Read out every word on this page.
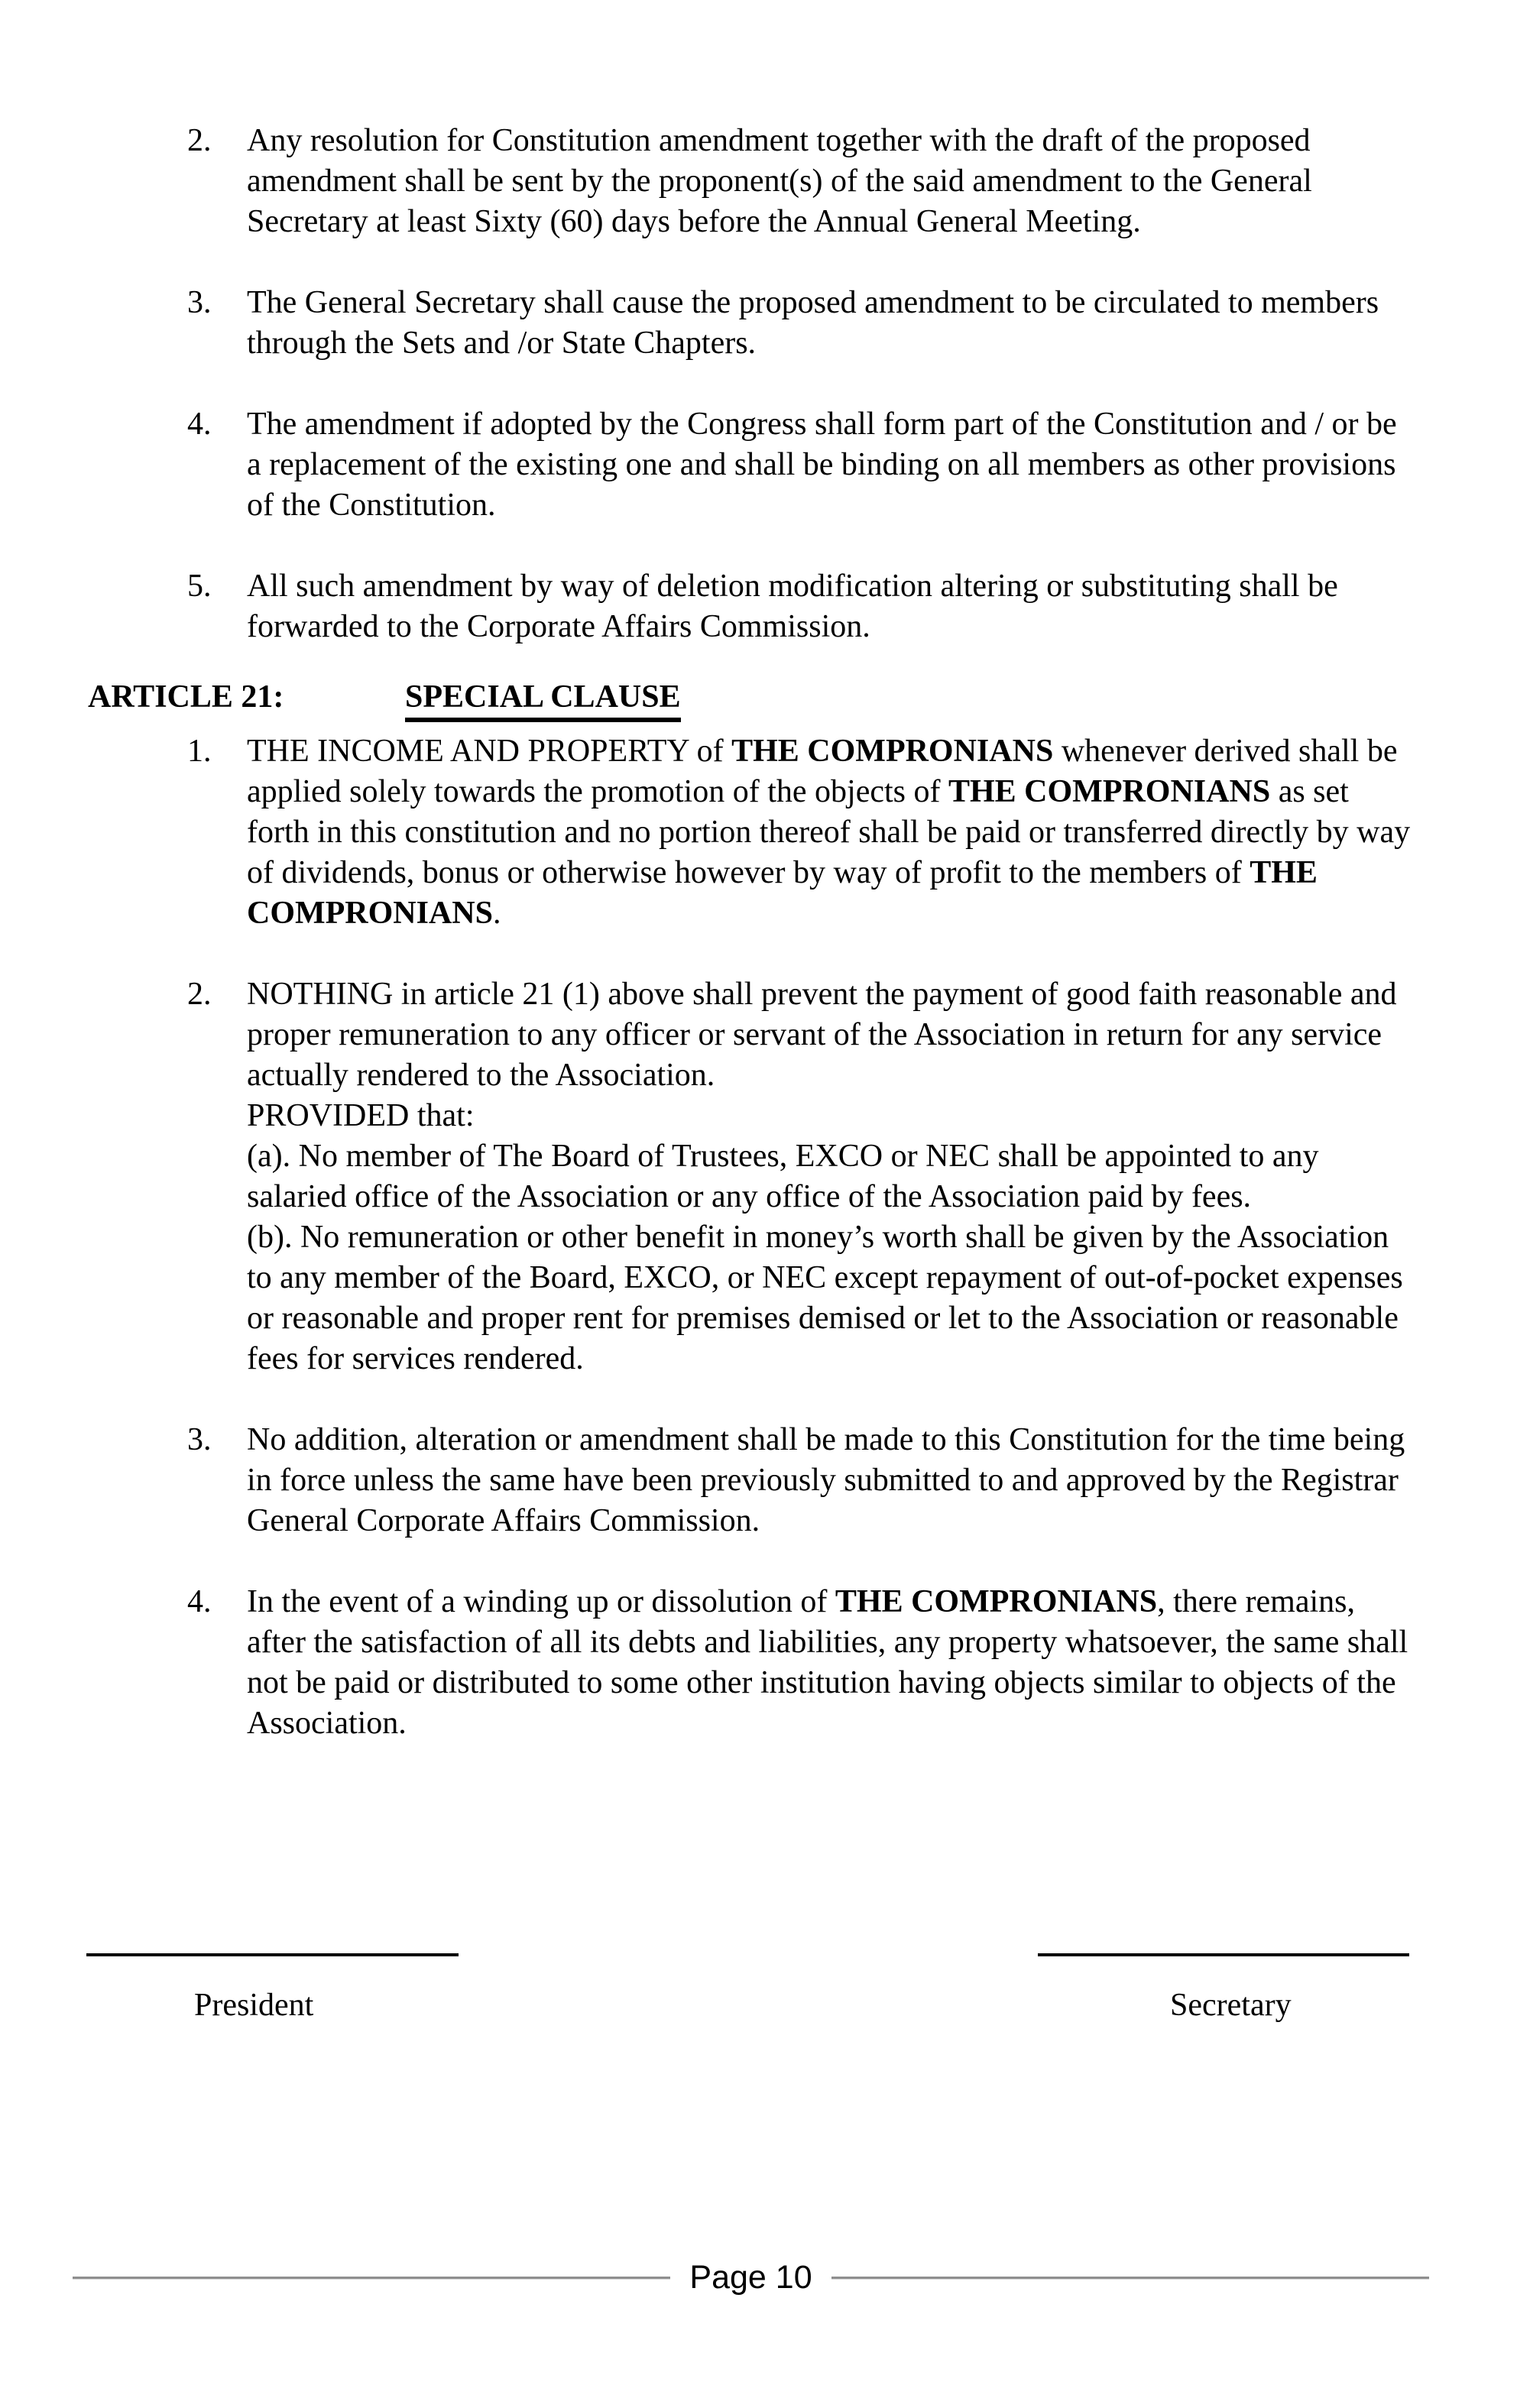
2.	Any resolution for Constitution amendment together with the draft of the proposed amendment shall be sent by the proponent(s) of the said amendment to the General Secretary at least Sixty (60) days before the Annual General Meeting.

3.	The General Secretary shall cause the proposed amendment to be circulated to members through the Sets and /or State Chapters.

4.	The amendment if adopted by the Congress shall form part of the Constitution and / or be a replacement of the existing one and shall be binding on all members as other provisions of the Constitution.

5.	All such amendment by way of deletion modification altering or substituting shall be forwarded to the Corporate Affairs Commission.

ARTICLE 21:	SPECIAL CLAUSE
1.	THE INCOME AND PROPERTY of THE COMPRONIANS whenever derived shall be applied solely towards the promotion of the objects of THE COMPRONIANS as set forth in this constitution and no portion thereof shall be paid or transferred directly by way of dividends, bonus or otherwise however by way of profit to the members of THE COMPRONIANS.

2.	NOTHING in article 21 (1) above shall prevent the payment of good faith reasonable and proper remuneration to any officer or servant of the Association in return for any service actually rendered to the Association.

PROVIDED that:

(a). No member of The Board of Trustees, EXCO or NEC shall be appointed to any salaried office of the Association or any office of the Association paid by fees.

(b). No remuneration or other benefit in money’s worth shall be given by the Association to any member of the Board, EXCO, or NEC except repayment of out-of-pocket expenses or reasonable and proper rent for premises demised or let to the Association or reasonable fees for services rendered.

3.	No addition, alteration or amendment shall be made to this Constitution for the time being in force unless the same have been previously submitted to and approved by the Registrar General Corporate Affairs Commission.

4.	In the event of a winding up or dissolution of THE COMPRONIANS, there remains, after the satisfaction of all its debts and liabilities, any property whatsoever, the same shall not be paid or distributed to some other institution having objects similar to objects of the Association.

President	Secretary
Page 10
